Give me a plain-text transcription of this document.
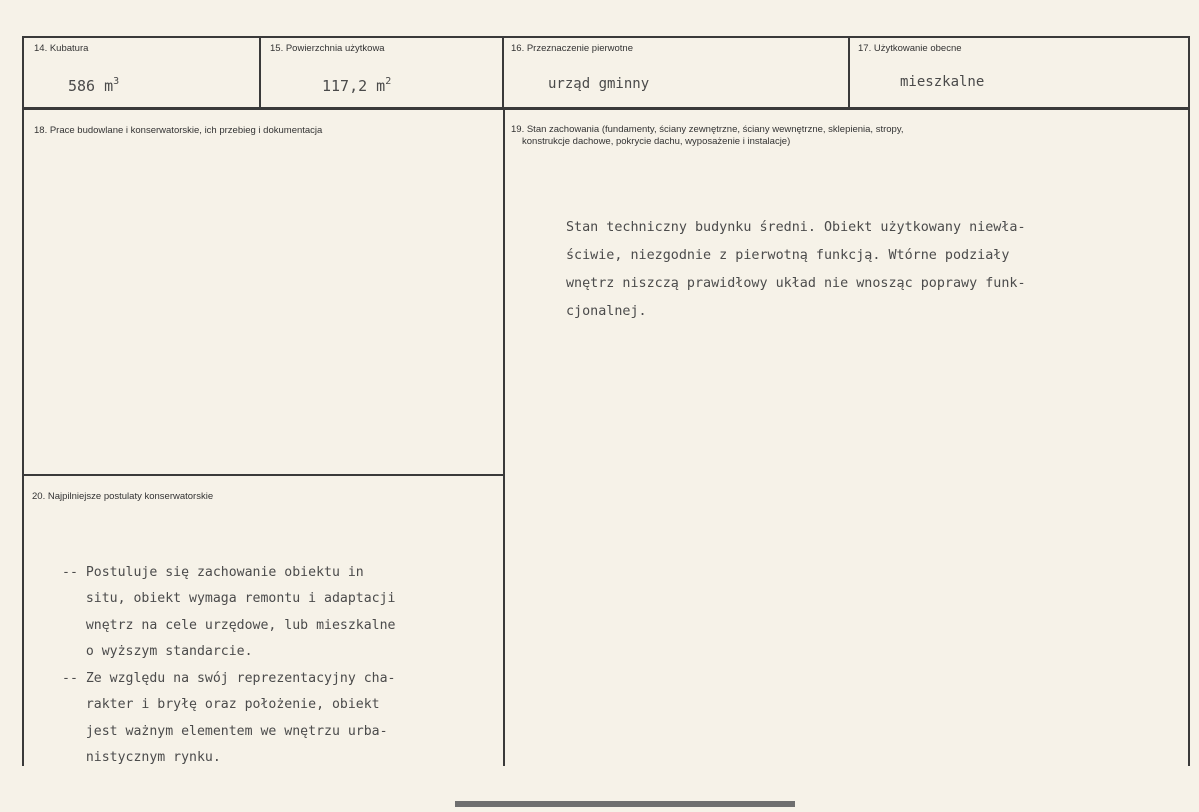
14. Kubatura
586 $m^3$
15. Powierzchnia użytkowa
117,2 $m^2$
16. Przeznaczenie pierwotne
urząd gminny
17. Użytkowanie obecne
mieszkalne
18. Prace budowlane i konserwatorskie, ich przebieg i dokumentacja	19. Stan zachowania (fundamenty, ściany zewnętrzne, ściany wewnętrzne, sklepienia, stropy,
konstrukcje dachowe, pokrycie dachu, wyposażenie i instalacje)

Stan techniczny budynku średni. Obiekt użytkowany niewła-
ściwie, niezgodnie z pierwotną funkcją. Wtórne podziały
wnętrz niszczą prawidłowy układ nie wnosząc poprawy funk-
cjonalnej.

20. Najpilniejsze postulaty konserwatorskie

-- Postuluje się zachowanie obiektu in
situ, obiekt wymaga remontu i adaptacji
wnętrz na cele urzędowe, lub mieszkalne
o wyższym standarcie.
-- Ze względu na swój reprezentacyjny cha-
rakter i bryłę oraz położenie, obiekt
jest ważnym elementem we wnętrzu urba-
nistycznym rynku.
